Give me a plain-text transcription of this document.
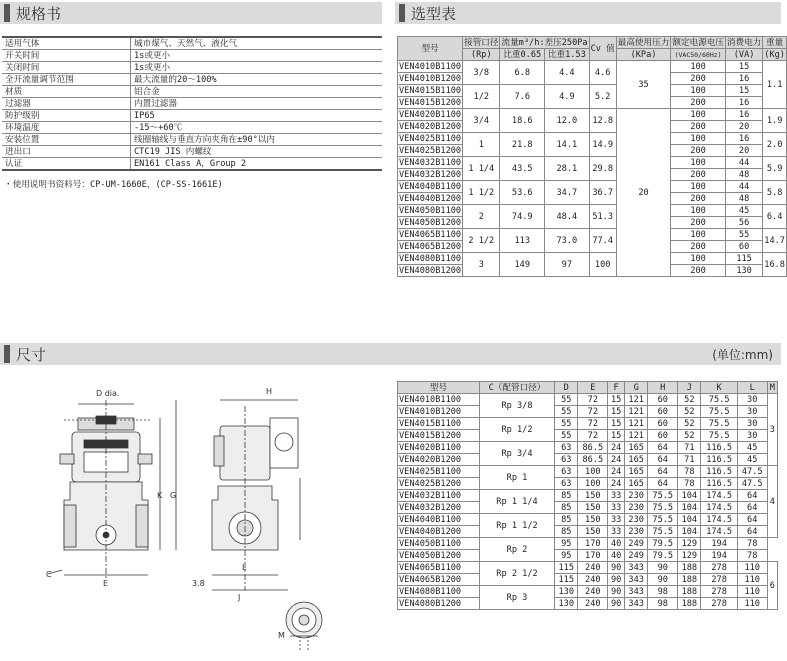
规格书	选型表
尺寸	(单位:mm)
适用气体	城市煤气、天然气、液化气
开关时间	1s或更小
关闭时间	1s或更小
全开流量调节范围	最大流量的20～100%
材质	铝合金
过滤器	内置过滤器
防护级别	IP65
环境温度	-15～+60℃
安装位置	线圈轴线与垂直方向夹角在±90°以内
进出口	CTC19 JIS 内螺纹
认证	EN161 Class A，Group 2
・使用说明书资料号：CP-UM-1660E，(CP-SS-1661E)
型号	接管口径	流量m³/h:差压250Pa		Cv 值	最高使用压力	额定电源电压	消费电力	重量
	(Rp)	比重0.65	比重1.53		(KPa)	(VAC50/60Hz)	(VA)	(Kg)
VEN4010B1100	3/8	6.8	4.4	4.6	35	100	15	1.1
VEN4010B1200						200	16	
VEN4015B1100	1/2	7.6	4.9	5.2		100	15	
VEN4015B1200						200	16	
VEN4020B1100	3/4	18.6	12.0	12.8	20	100	16	1.9
VEN4020B1200						200	20	
VEN4025B1100	1	21.8	14.1	14.9		100	16	2.0
VEN4025B1200						200	20	
VEN4032B1100	1 1/4	43.5	28.1	29.8		100	44	5.9
VEN4032B1200						200	48	
VEN4040B1100	1 1/2	53.6	34.7	36.7		100	44	5.8
VEN4040B1200						200	48	
VEN4050B1100	2	74.9	48.4	51.3		100	45	6.4
VEN4050B1200						200	56	
VEN4065B1100	2 1/2	113	73.0	77.4		100	55	14.7
VEN4065B1200						200	60	
VEN4080B1100	3	149	97	100		100	115	16.8
VEN4080B1200						200	130	
D dia.
E
K G
C
H
L
J
3.8
M
型号	C（配管口径）	D	E	F	G	H	J	K	L	M
VEN4010B1100	Rp 3/8	55	72	15	121	60	52	75.5	30	3
VEN4010B1200		55	72	15	121	60	52	75.5	30	
VEN4015B1100	Rp 1/2	55	72	15	121	60	52	75.5	30	
VEN4015B1200		55	72	15	121	60	52	75.5	30	
VEN4020B1100	Rp 3/4	63	86.5	24	165	64	71	116.5	45	
VEN4020B1200		63	86.5	24	165	64	71	116.5	45	
VEN4025B1100	Rp 1	63	100	24	165	64	78	116.5	47.5	4
VEN4025B1200		63	100	24	165	64	78	116.5	47.5	
VEN4032B1100	Rp 1 1/4	85	150	33	230	75.5	104	174.5	64	
VEN4032B1200		85	150	33	230	75.5	104	174.5	64	
VEN4040B1100	Rp 1 1/2	85	150	33	230	75.5	104	174.5	64	
VEN4040B1200		85	150	33	230	75.5	104	174.5	64	
VEN4050B1100	Rp 2	95	170	40	249	79.5	129	194	78	
VEN4050B1200		95	170	40	249	79.5	129	194	78	
VEN4065B1100	Rp 2 1/2	115	240	90	343	90	188	278	110	6
VEN4065B1200		115	240	90	343	90	188	278	110	
VEN4080B1100	Rp 3	130	240	90	343	98	188	278	110	
VEN4080B1200		130	240	90	343	98	188	278	110	
